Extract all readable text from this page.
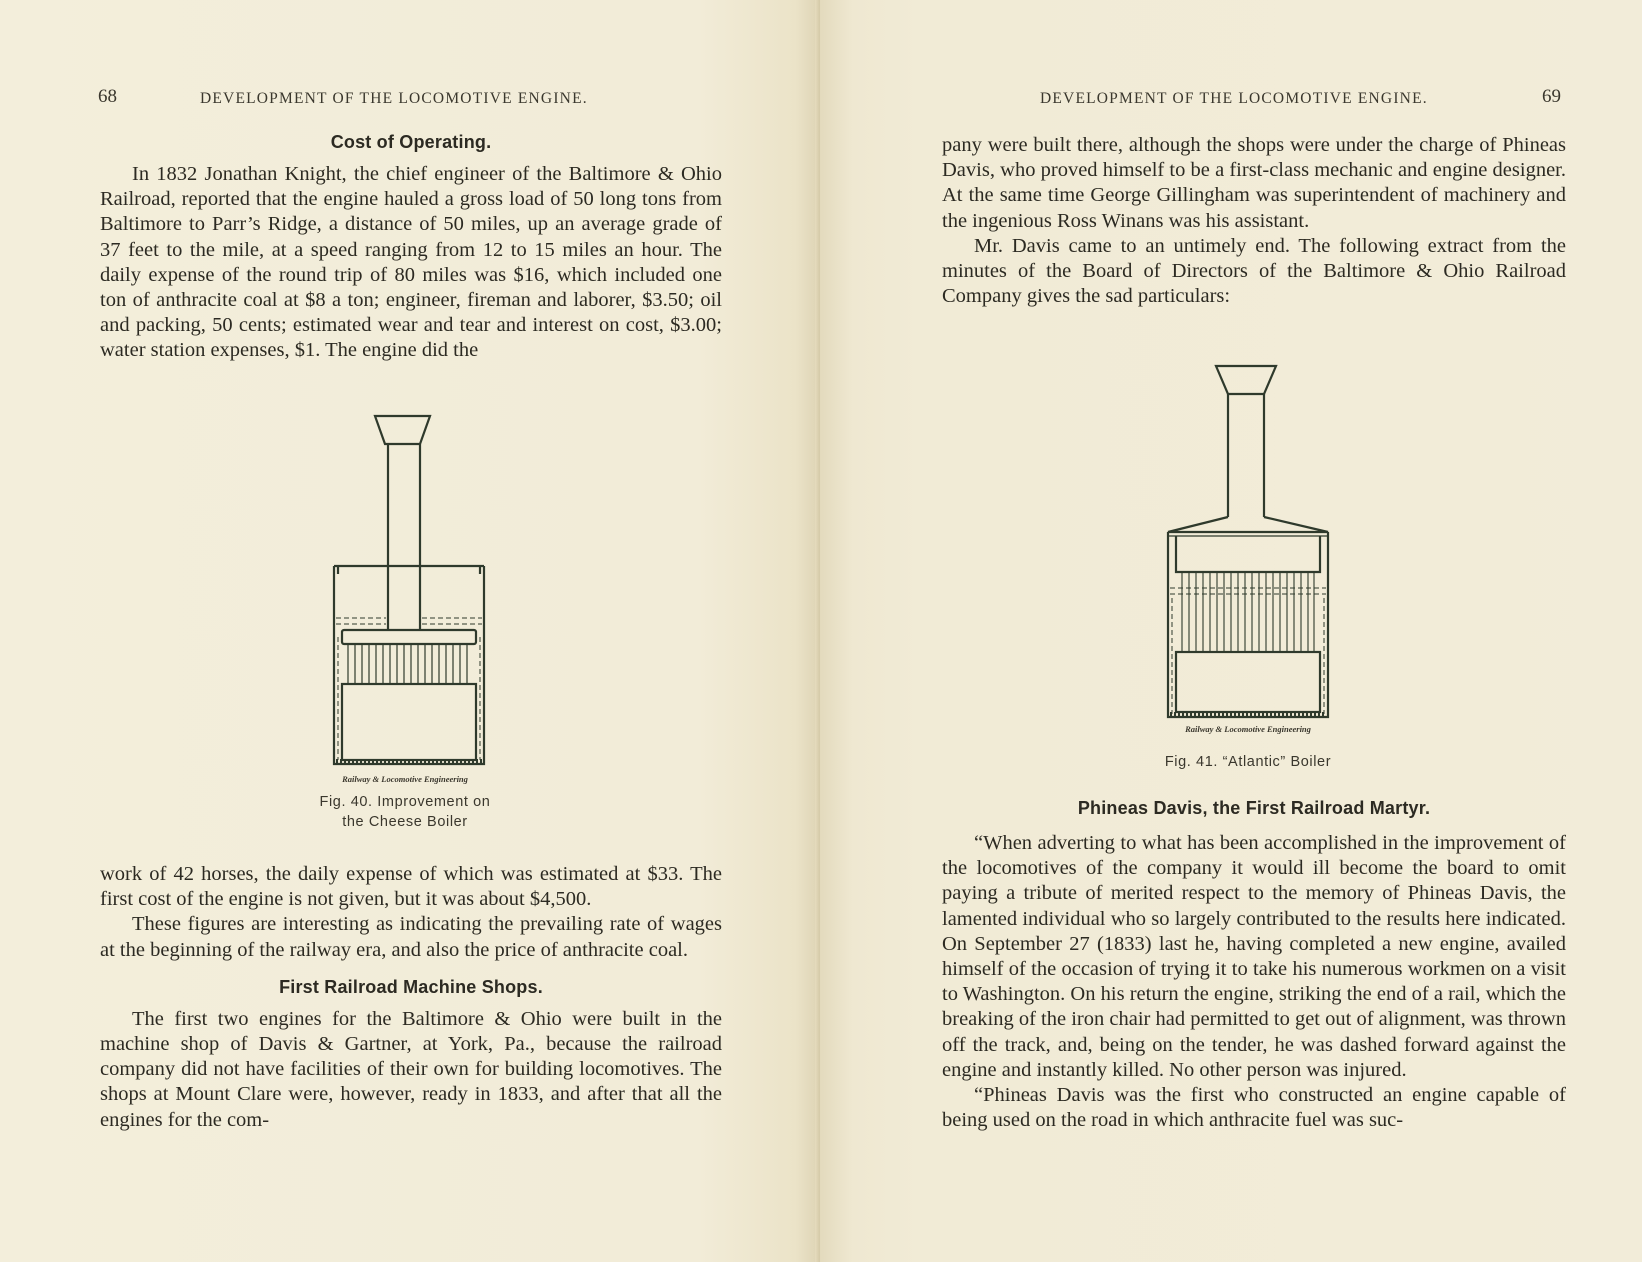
68	DEVELOPMENT OF THE LOCOMOTIVE ENGINE.
Cost of Operating.

In 1832 Jonathan Knight, the chief engineer of the Baltimore & Ohio Railroad, reported that the engine hauled a gross load of 50 long tons from Baltimore to Parr’s Ridge, a distance of 50 miles, up an average grade of 37 feet to the mile, at a speed ranging from 12 to 15 miles an hour. The daily expense of the round trip of 80 miles was $16, which included one ton of anthracite coal at $8 a ton; engineer, fireman and laborer, $3.50; oil and packing, 50 cents; estimated wear and tear and interest on cost, $3.00; water station expenses, $1. The engine did the

Railway & Locomotive Engineering
Fig. 40. Improvement on
the Cheese Boiler

work of 42 horses, the daily expense of which was estimated at $33. The first cost of the engine is not given, but it was about $4,500.

These figures are interesting as indicating the prevailing rate of wages at the beginning of the railway era, and also the price of anthracite coal.

First Railroad Machine Shops.

The first two engines for the Baltimore & Ohio were built in the machine shop of Davis & Gartner, at York, Pa., because the railroad company did not have facilities of their own for building locomotives. The shops at Mount Clare were, however, ready in 1833, and after that all the engines for the com-

DEVELOPMENT OF THE LOCOMOTIVE ENGINE.	69

pany were built there, although the shops were under the charge of Phineas Davis, who proved himself to be a first-class mechanic and engine designer. At the same time George Gillingham was superintendent of machinery and the ingenious Ross Winans was his assistant.

Mr. Davis came to an untimely end. The following extract from the minutes of the Board of Directors of the Baltimore & Ohio Railroad Company gives the sad particulars:

Railway & Locomotive Engineering
Fig. 41. “Atlantic” Boiler
Phineas Davis, the First Railroad Martyr.

“When adverting to what has been accomplished in the improvement of the locomotives of the company it would ill become the board to omit paying a tribute of merited respect to the memory of Phineas Davis, the lamented individual who so largely contributed to the results here indicated. On September 27 (1833) last he, having completed a new engine, availed himself of the occasion of trying it to take his numerous workmen on a visit to Washington. On his return the engine, striking the end of a rail, which the breaking of the iron chair had permitted to get out of alignment, was thrown off the track, and, being on the tender, he was dashed forward against the engine and instantly killed. No other person was injured.

“Phineas Davis was the first who constructed an engine capable of being used on the road in which anthracite fuel was suc-
